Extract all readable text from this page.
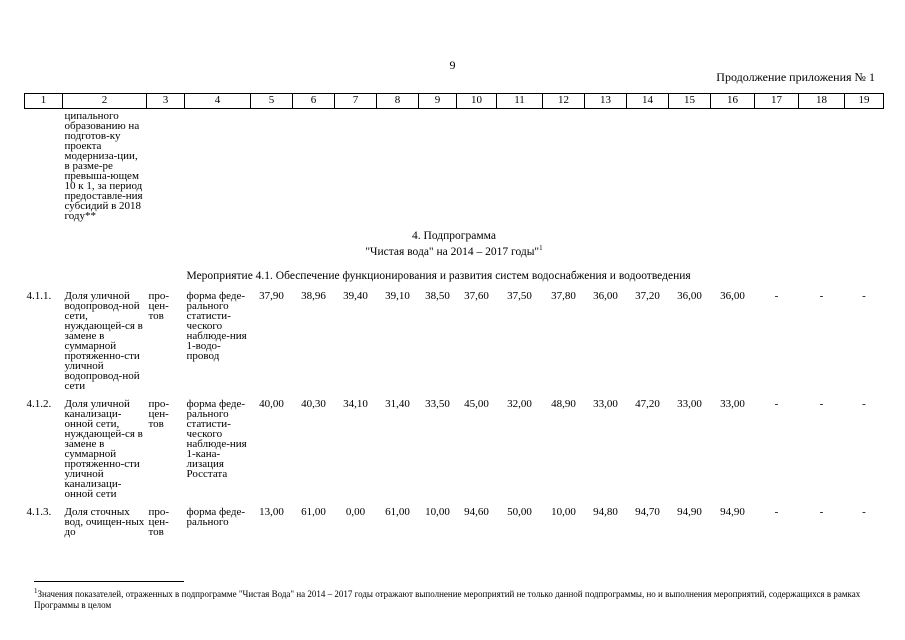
9
Продолжение приложения № 1
1	2	3	4	5	6	7	8	9	10	11	12	13	14	15	16	17	18	19
	ципального образованию на подготов-ку проекта модерниза-ции, в разме-ре превыша-ющем 10 к 1, за период предоставле-ния субсидий в 2018 году**																	

4. Подпрограмма
"Чистая вода" на 2014 – 2017 годы"$^1$

Мероприятие 4.1. Обеспечение функционирования и развития систем водоснабжения и водоотведения																		
4.1.1.	Доля уличной водопровод-ной сети, нуждающей-ся в замене в суммарной протяженно-сти уличной водопровод-ной сети	про-цен-тов	форма феде-рального статисти-ческого наблюде-ния 1-водо-провод	37,90	38,96	39,40	39,10	38,50	37,60	37,50	37,80	36,00	37,20	36,00	36,00	-	-	-
4.1.2.	Доля уличной канализаци-онной сети, нуждающей-ся в замене в суммарной протяженно-сти уличной канализаци-онной сети	про-цен-тов	форма феде-рального статисти-ческого наблюде-ния 1-кана-лизация Росстата	40,00	40,30	34,10	31,40	33,50	45,00	32,00	48,90	33,00	47,20	33,00	33,00	-	-	-
4.1.3.	Доля сточных вод, очищен-ных до	про-цен-тов	форма феде-рального	13,00	61,00	0,00	61,00	10,00	94,60	50,00	10,00	94,80	94,70	94,90	94,90	-	-	-
$^1$Значения показателей, отраженных в подпрограмме "Чистая Вода" на 2014 – 2017 годы отражают выполнение мероприятий не только данной подпрограммы, но и выполнения мероприятий, содержащихся в рамках Программы в целом
